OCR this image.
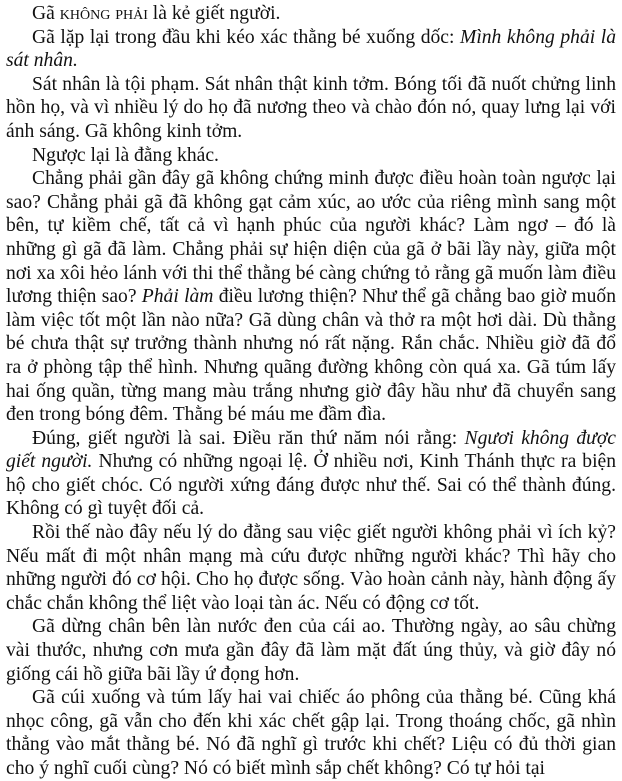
Gã không phải là kẻ giết người.

Gã lặp lại trong đầu khi kéo xác thằng bé xuống dốc: Mình không phải là sát nhân.

Sát nhân là tội phạm. Sát nhân thật kinh tởm. Bóng tối đã nuốt chửng linh hồn họ, và vì nhiều lý do họ đã nương theo và chào đón nó, quay lưng lại với ánh sáng. Gã không kinh tởm.

Ngược lại là đằng khác.

Chẳng phải gần đây gã không chứng minh được điều hoàn toàn ngược lại sao? Chẳng phải gã đã không gạt cảm xúc, ao ước của riêng mình sang một bên, tự kiềm chế, tất cả vì hạnh phúc của người khác? Làm ngơ – đó là những gì gã đã làm. Chẳng phải sự hiện diện của gã ở bãi lầy này, giữa một nơi xa xôi hẻo lánh với thi thể thằng bé càng chứng tỏ rằng gã muốn làm điều lương thiện sao? Phải làm điều lương thiện? Như thể gã chẳng bao giờ muốn làm việc tốt một lần nào nữa? Gã dùng chân và thở ra một hơi dài. Dù thằng bé chưa thật sự trưởng thành nhưng nó rất nặng. Rắn chắc. Nhiều giờ đã đổ ra ở phòng tập thể hình. Nhưng quãng đường không còn quá xa. Gã túm lấy hai ống quần, từng mang màu trắng nhưng giờ đây hầu như đã chuyển sang đen trong bóng đêm. Thằng bé máu me đầm đìa.

Đúng, giết người là sai. Điều răn thứ năm nói rằng: Ngươi không được giết người. Nhưng có những ngoại lệ. Ở nhiều nơi, Kinh Thánh thực ra biện hộ cho giết chóc. Có người xứng đáng được như thế. Sai có thể thành đúng. Không có gì tuyệt đối cả.

Rồi thế nào đây nếu lý do đằng sau việc giết người không phải vì ích kỷ? Nếu mất đi một nhân mạng mà cứu được những người khác? Thì hãy cho những người đó cơ hội. Cho họ được sống. Vào hoàn cảnh này, hành động ấy chắc chắn không thể liệt vào loại tàn ác. Nếu có động cơ tốt.

Gã dừng chân bên làn nước đen của cái ao. Thường ngày, ao sâu chừng vài thước, nhưng cơn mưa gần đây đã làm mặt đất úng thủy, và giờ đây nó giống cái hồ giữa bãi lầy ứ đọng hơn.

Gã cúi xuống và túm lấy hai vai chiếc áo phông của thằng bé. Cũng khá nhọc công, gã vẫn cho đến khi xác chết gập lại. Trong thoáng chốc, gã nhìn thẳng vào mắt thằng bé. Nó đã nghĩ gì trước khi chết? Liệu có đủ thời gian cho ý nghĩ cuối cùng? Nó có biết mình sắp chết không? Có tự hỏi tại
